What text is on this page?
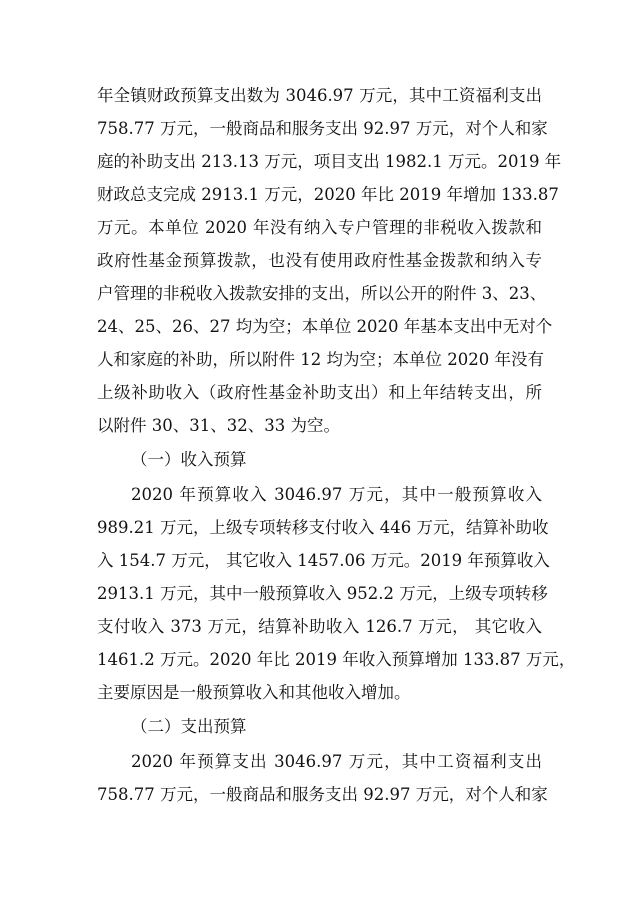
年全镇财政预算支出数为 3046.97 万元，其中工资福利支出
758.77 万元，一般商品和服务支出 92.97 万元，对个人和家
庭的补助支出 213.13 万元，项目支出 1982.1 万元。2019 年
财政总支完成 2913.1 万元，2020 年比 2019 年增加 133.87
万元。本单位 2020 年没有纳入专户管理的非税收入拨款和
政府性基金预算拨款，也没有使用政府性基金拨款和纳入专
户管理的非税收入拨款安排的支出，所以公开的附件 3、23、
24、25、26、27 均为空；本单位 2020 年基本支出中无对个
人和家庭的补助，所以附件 12 均为空；本单位 2020 年没有
上级补助收入（政府性基金补助支出）和上年结转支出，所
以附件 30、31、32、33 为空。
（一）收入预算
2020 年预算收入 3046.97 万元，其中一般预算收入
989.21 万元，上级专项转移支付收入 446 万元，结算补助收
入 154.7 万元， 其它收入 1457.06 万元。2019 年预算收入
2913.1 万元，其中一般预算收入 952.2 万元，上级专项转移
支付收入 373 万元，结算补助收入 126.7 万元， 其它收入
1461.2 万元。2020 年比 2019 年收入预算增加 133.87 万元，
主要原因是一般预算收入和其他收入增加。
（二）支出预算
2020 年预算支出 3046.97 万元，其中工资福利支出
758.77 万元，一般商品和服务支出 92.97 万元，对个人和家
